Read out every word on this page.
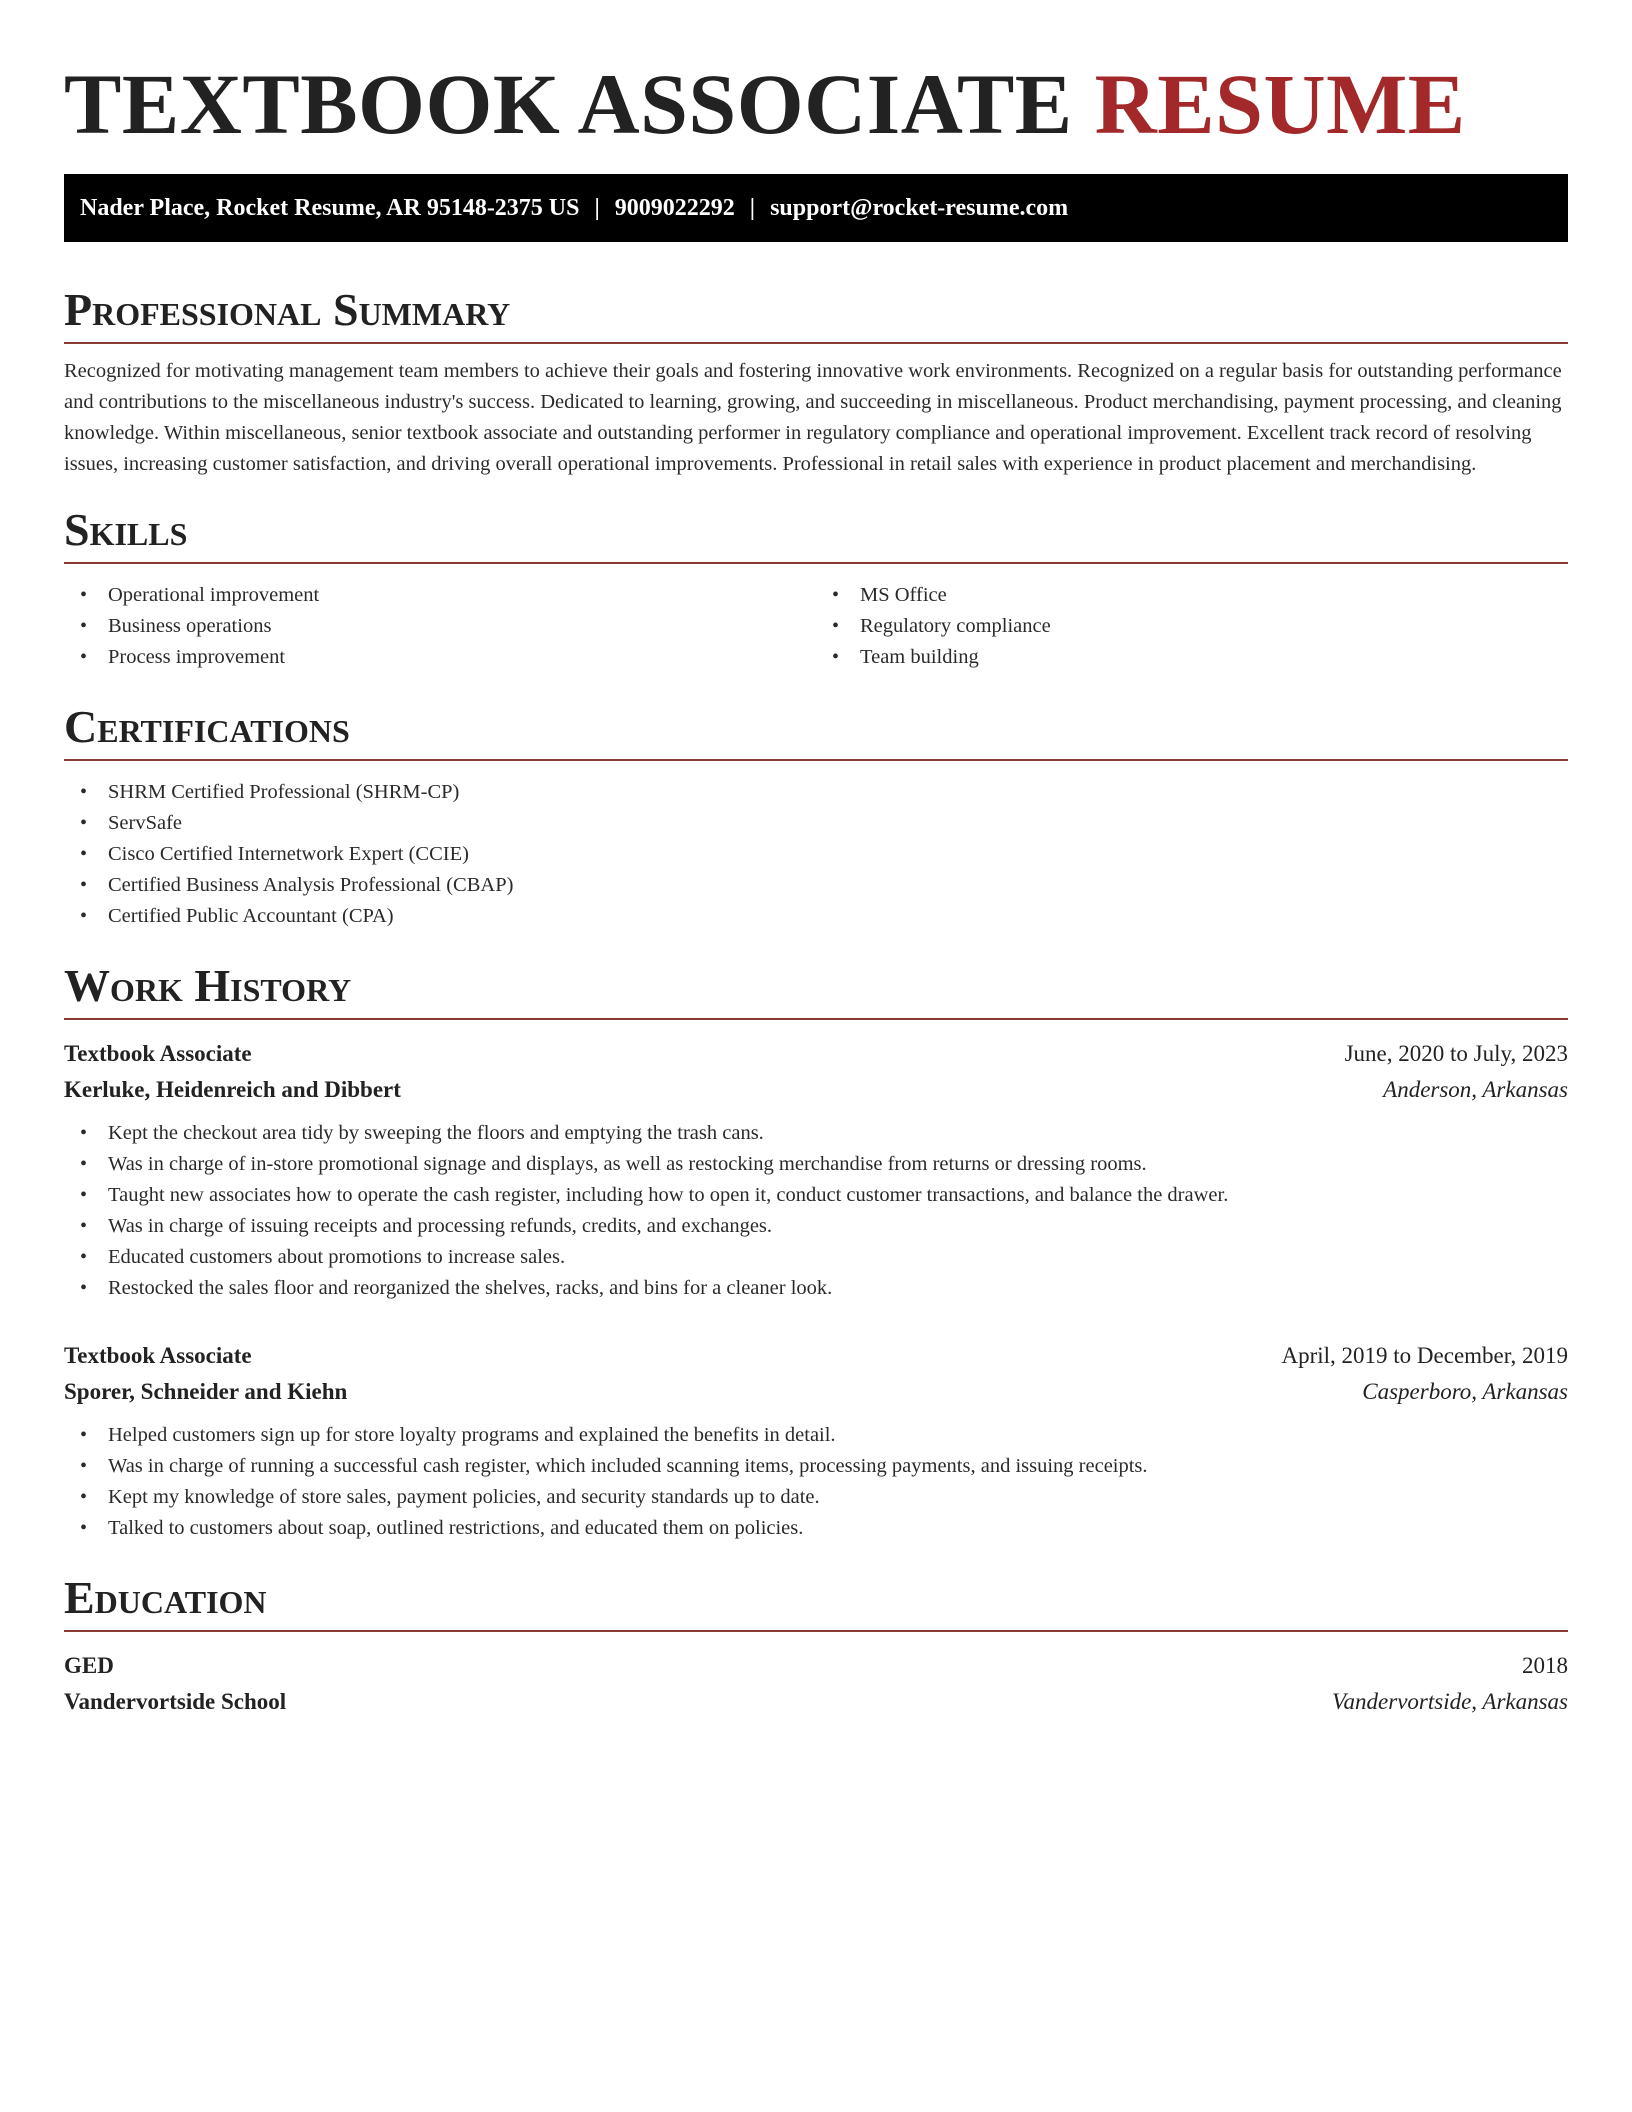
TEXTBOOK ASSOCIATE RESUME
Nader Place, Rocket Resume, AR 95148-2375 US | 9009022292 | support@rocket-resume.com
Professional Summary

Recognized for motivating management team members to achieve their goals and fostering innovative work environments. Recognized on a regular basis for outstanding performance and contributions to the miscellaneous industry's success. Dedicated to learning, growing, and succeeding in miscellaneous. Product merchandising, payment processing, and cleaning knowledge. Within miscellaneous, senior textbook associate and outstanding performer in regulatory compliance and operational improvement. Excellent track record of resolving issues, increasing customer satisfaction, and driving overall operational improvements. Professional in retail sales with experience in product placement and merchandising.

Skills
• Operational improvement
• Business operations
• Process improvement
• MS Office
• Regulatory compliance
• Team building
Certifications
• SHRM Certified Professional (SHRM-CP)
• ServSafe
• Cisco Certified Internetwork Expert (CCIE)
• Certified Business Analysis Professional (CBAP)
• Certified Public Accountant (CPA)
Work History
Textbook Associate	June, 2020 to July, 2023
Kerluke, Heidenreich and Dibbert	Anderson, Arkansas
• Kept the checkout area tidy by sweeping the floors and emptying the trash cans.
• Was in charge of in-store promotional signage and displays, as well as restocking merchandise from returns or dressing rooms.
• Taught new associates how to operate the cash register, including how to open it, conduct customer transactions, and balance the drawer.
• Was in charge of issuing receipts and processing refunds, credits, and exchanges.
• Educated customers about promotions to increase sales.
• Restocked the sales floor and reorganized the shelves, racks, and bins for a cleaner look.
Textbook Associate	April, 2019 to December, 2019
Sporer, Schneider and Kiehn	Casperboro, Arkansas
• Helped customers sign up for store loyalty programs and explained the benefits in detail.
• Was in charge of running a successful cash register, which included scanning items, processing payments, and issuing receipts.
• Kept my knowledge of store sales, payment policies, and security standards up to date.
• Talked to customers about soap, outlined restrictions, and educated them on policies.
Education
GED	2018
Vandervortside School	Vandervortside, Arkansas
